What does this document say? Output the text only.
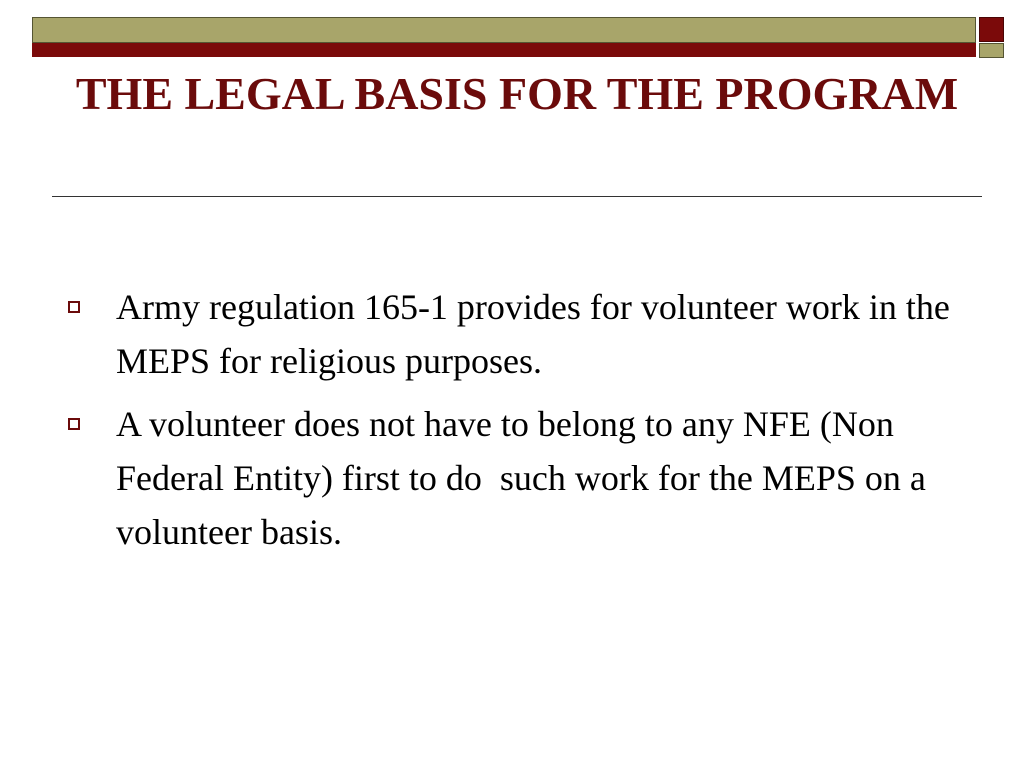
THE LEGAL BASIS FOR THE PROGRAM
Army regulation 165-1 provides for volunteer work in the MEPS for religious purposes.
A volunteer does not have to belong to any NFE (Non Federal Entity) first to do  such work for the MEPS on a volunteer basis.
